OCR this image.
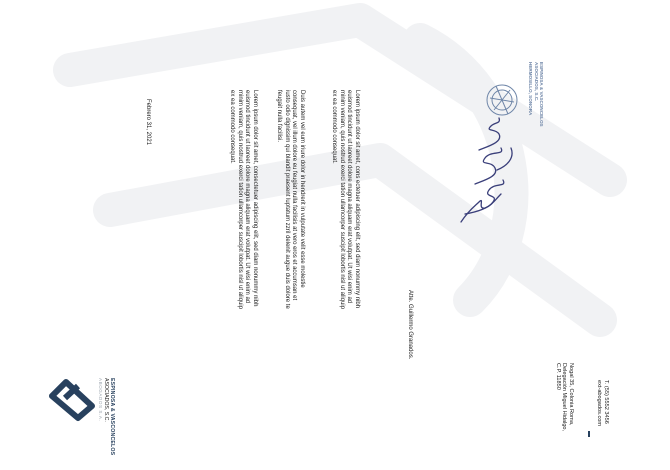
Febrero 31, 2021	Lorem ipsum dolor sit amet, consectetuer adipiscing elit, sed diam nonummy nibh

euismod tincidunt ut laoreet dolore magna aliquam erat volutpat. Ut wisi enim ad

minim veniam, quis nostrud exerci tation ullamcorper suscipit lobortis nisl ut aliquip

ex ea commodo consequat.	Duis autem vel eum iriure dolor in hendrerit in vulputate velit esse molestie

consequat, vel illum dolore eu feugiat nulla facilisis at vero eros et accumsan et

iusto odio dignissim qui blandit praesent luptatum zzril delenit augue duis dolore te

feugait nulla facilisi.	Lorem ipsum dolor sit amet, cons ectetuer adipiscing elit, sed diam nonummy nibh

euismod tincidunt ut laoreet dolore magna aliquam erat volutpat. Ut wisi enim ad

minim veniam, quis nostrud exerci tation ullamcorper suscipit lobortis nisl ut aliquip

ex ea commodo consequat.

Atte. Guillermo Granados.

ESPINOSA & VASCONCELOS

ASOCIADOS, S.C.

HERMOSILLO, SONORA

ESPINOSA & VASCONCELOS

ASOCIADOS, S.C.

ABOGADOS S.A.	Nogal 35, Colonia Roma,

Delegación Miguel Hidalgo,

C.P. 11850

T. (55) 5552 3456

ext-abogados.com
